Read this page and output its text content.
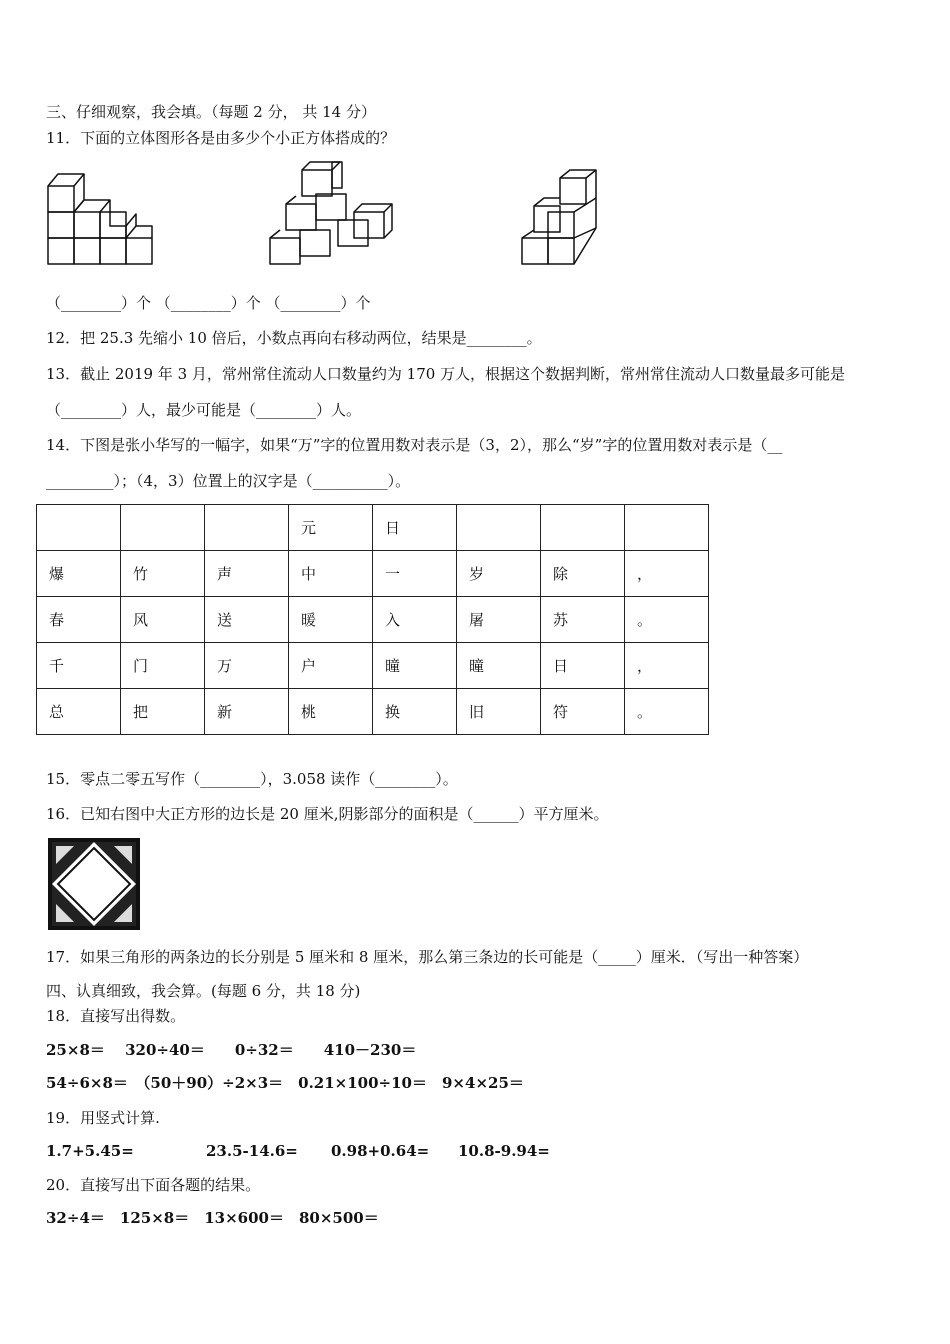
三、仔细观察，我会填。（每题 2 分， 共 14 分）
11．下面的立体图形各是由多少个小正方体搭成的？
（________）个 （________）个 （________）个
12．把 25.3 先缩小 10 倍后，小数点再向右移动两位，结果是________。
13．截止 2019 年 3 月，常州常住流动人口数量约为 170 万人，根据这个数据判断，常州常住流动人口数量最多可能是
（________）人，最少可能是（________）人。
14．下图是张小华写的一幅字，如果“万”字的位置用数对表示是（3，2），那么“岁”字的位置用数对表示是（__
_________）；（4，3）位置上的汉字是（__________）。
			元	日			
爆	竹	声	中	一	岁	除	，
春	风	送	暖	入	屠	苏	。
千	门	万	户	曈	曈	日	，
总	把	新	桃	换	旧	符	。
15．零点二零五写作（________），3.058 读作（________）。
16．已知右图中大正方形的边长是 20 厘米,阴影部分的面积是（______）平方厘米。
17．如果三角形的两条边的长分别是 5 厘米和 8 厘米，那么第三条边的长可能是（_____）厘米．（写出一种答案）
四、认真细致，我会算。(每题 6 分，共 18 分)
18．直接写出得数。
25×8＝　 320÷40＝　　0÷32＝　　410－230＝
54÷6×8＝　（50＋90）÷2×3＝　0.21×100÷10＝　9×4×25＝
19．用竖式计算.
1.7+5.45=	23.5-14.6= 0.98+0.64= 10.8-9.94=
20．直接写出下面各题的结果。
32÷4＝　125×8＝　13×600＝　80×500＝
